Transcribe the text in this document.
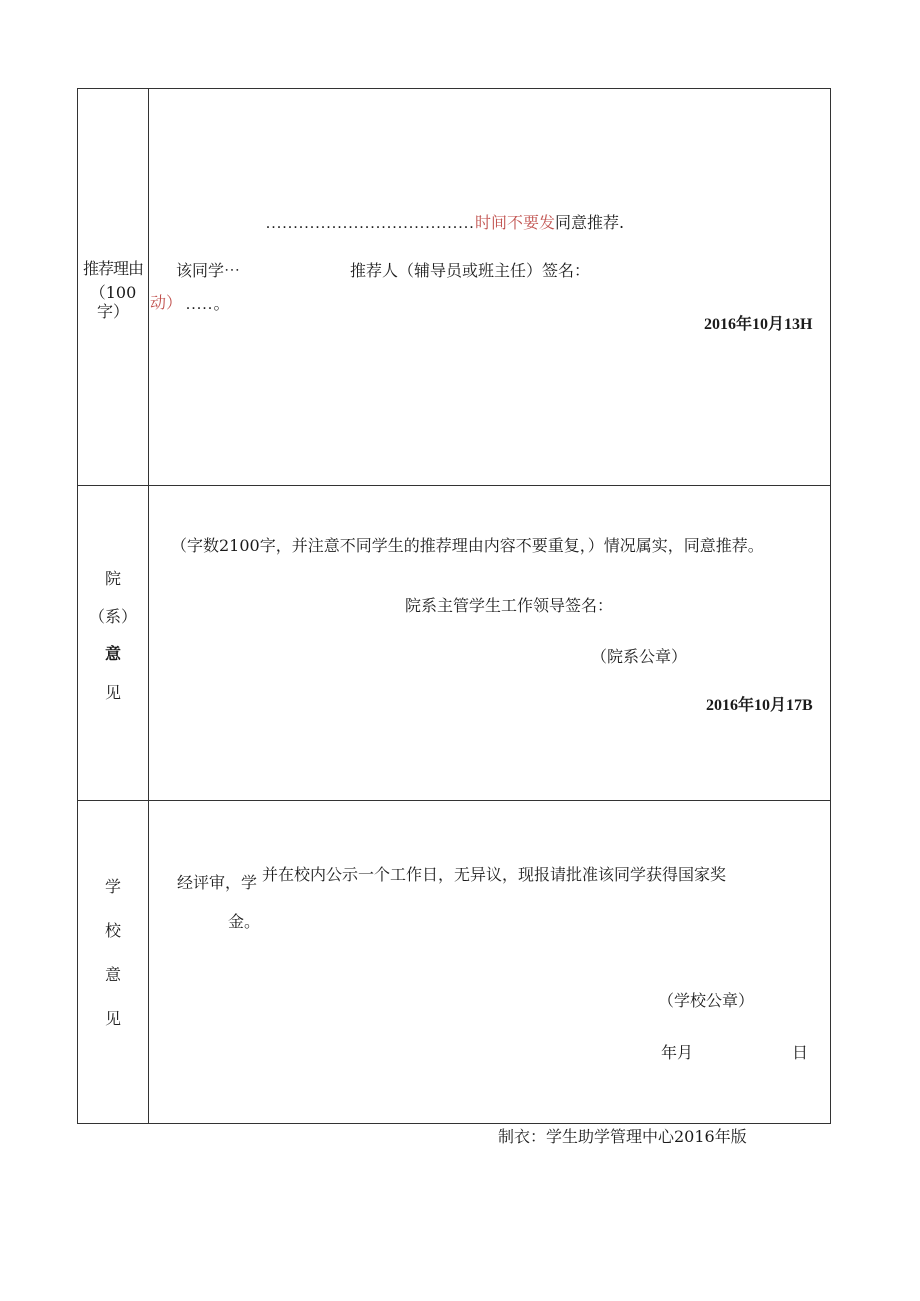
推荐理由
（100
字）
......................................时间不要发同意推荐.
该同学⋯	推荐人（辅导员或班主任）签名：
动） .....。
2016年10月13H
院
（系）
意
见
（字数2100字，并注意不同学生的推荐理由内容不要重复，）情况属实，同意推荐。
院系主管学生工作领导签名：
（院系公章）
2016年10月17B
学
校
意
见
经评审，学 并在校内公示一个工作日，无异议，现报请批准该同学获得国家奖
金。
（学校公章）
年月	日
制衣：学生助学管理中心2016年版
